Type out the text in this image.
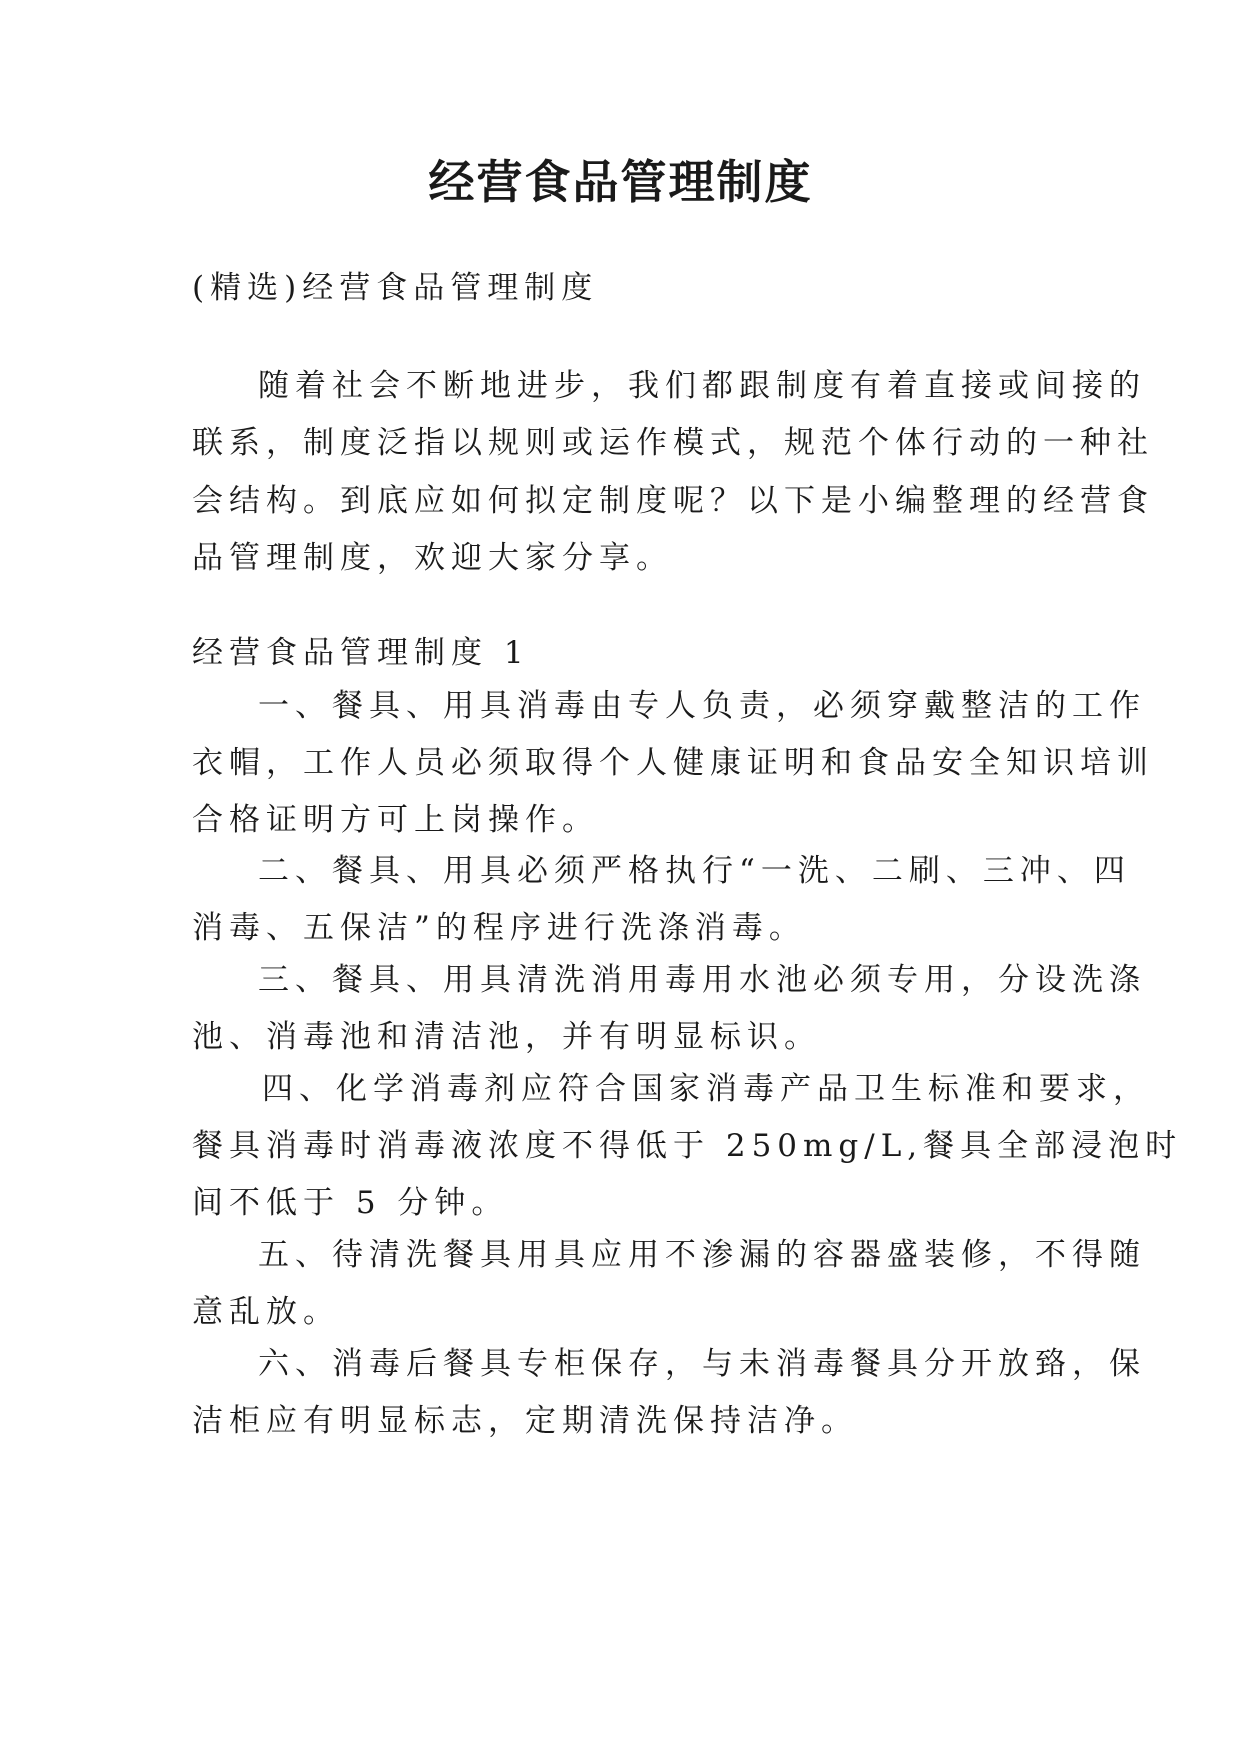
经营食品管理制度
(精选)经营食品管理制度
随着社会不断地进步，我们都跟制度有着直接或间接的
联系，制度泛指以规则或运作模式，规范个体行动的一种社
会结构。到底应如何拟定制度呢？以下是小编整理的经营食
品管理制度，欢迎大家分享。
经营食品管理制度 1
一、餐具、用具消毒由专人负责，必须穿戴整洁的工作
衣帽，工作人员必须取得个人健康证明和食品安全知识培训
合格证明方可上岗操作。
二、餐具、用具必须严格执行“一洗、二刷、三冲、四
消毒、五保洁”的程序进行洗涤消毒。
三、餐具、用具清洗消用毒用水池必须专用，分设洗涤
池、消毒池和清洁池，并有明显标识。
四、化学消毒剂应符合国家消毒产品卫生标准和要求，
餐具消毒时消毒液浓度不得低于 250mg/L,餐具全部浸泡时
间不低于 5 分钟。
五、待清洗餐具用具应用不渗漏的容器盛装修，不得随
意乱放。
六、消毒后餐具专柜保存，与未消毒餐具分开放臵，保
洁柜应有明显标志，定期清洗保持洁净。
